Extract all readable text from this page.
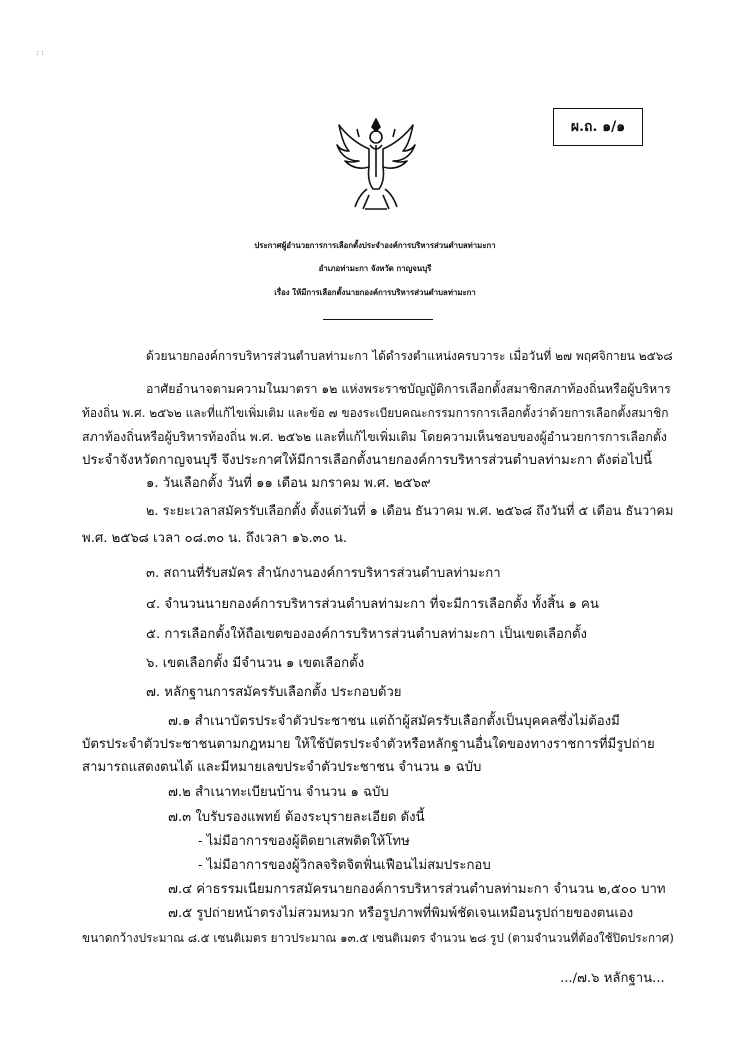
: :
ผ.ถ. ๑/๑
ประกาศผู้อำนวยการการเลือกตั้งประจำองค์การบริหารส่วนตำบลท่ามะกา
อำเภอท่ามะกา จังหวัด กาญจนบุรี
เรื่อง ให้มีการเลือกตั้งนายกองค์การบริหารส่วนตำบลท่ามะกา
ด้วยนายกองค์การบริหารส่วนตำบลท่ามะกา ได้ดำรงตำแหน่งครบวาระ เมื่อวันที่ ๒๗ พฤศจิกายน ๒๕๖๘
อาศัยอำนาจตามความในมาตรา ๑๒ แห่งพระราชบัญญัติการเลือกตั้งสมาชิกสภาท้องถิ่นหรือผู้บริหาร
ท้องถิ่น พ.ศ. ๒๕๖๒ และที่แก้ไขเพิ่มเติม และข้อ ๗ ของระเบียบคณะกรรมการการเลือกตั้งว่าด้วยการเลือกตั้งสมาชิก
สภาท้องถิ่นหรือผู้บริหารท้องถิ่น พ.ศ. ๒๕๖๒ และที่แก้ไขเพิ่มเติม โดยความเห็นชอบของผู้อำนวยการการเลือกตั้ง
ประจำจังหวัดกาญจนบุรี จึงประกาศให้มีการเลือกตั้งนายกองค์การบริหารส่วนตำบลท่ามะกา ดังต่อไปนี้
๑. วันเลือกตั้ง วันที่ ๑๑ เดือน มกราคม พ.ศ. ๒๕๖๙
๒. ระยะเวลาสมัครรับเลือกตั้ง ตั้งแต่วันที่ ๑ เดือน ธันวาคม พ.ศ. ๒๕๖๘ ถึงวันที่ ๕ เดือน ธันวาคม
พ.ศ. ๒๕๖๘ เวลา ๐๘.๓๐ น. ถึงเวลา ๑๖.๓๐ น.
๓. สถานที่รับสมัคร สำนักงานองค์การบริหารส่วนตำบลท่ามะกา
๔. จำนวนนายกองค์การบริหารส่วนตำบลท่ามะกา ที่จะมีการเลือกตั้ง ทั้งสิ้น ๑ คน
๕. การเลือกตั้งให้ถือเขตขององค์การบริหารส่วนตำบลท่ามะกา เป็นเขตเลือกตั้ง
๖. เขตเลือกตั้ง มีจำนวน ๑ เขตเลือกตั้ง
๗. หลักฐานการสมัครรับเลือกตั้ง ประกอบด้วย
๗.๑ สำเนาบัตรประจำตัวประชาชน แต่ถ้าผู้สมัครรับเลือกตั้งเป็นบุคคลซึ่งไม่ต้องมี
บัตรประจำตัวประชาชนตามกฎหมาย ให้ใช้บัตรประจำตัวหรือหลักฐานอื่นใดของทางราชการที่มีรูปถ่าย
สามารถแสดงตนได้ และมีหมายเลขประจำตัวประชาชน จำนวน ๑ ฉบับ
๗.๒ สำเนาทะเบียนบ้าน จำนวน ๑ ฉบับ
๗.๓ ใบรับรองแพทย์ ต้องระบุรายละเอียด ดังนี้
- ไม่มีอาการของผู้ติดยาเสพติดให้โทษ
- ไม่มีอาการของผู้วิกลจริตจิตฟั่นเฟือนไม่สมประกอบ
๗.๔ ค่าธรรมเนียมการสมัครนายกองค์การบริหารส่วนตำบลท่ามะกา จำนวน ๒,๕๐๐ บาท
๗.๕ รูปถ่ายหน้าตรงไม่สวมหมวก หรือรูปภาพที่พิมพ์ชัดเจนเหมือนรูปถ่ายของตนเอง
ขนาดกว้างประมาณ ๘.๕ เซนติเมตร ยาวประมาณ ๑๓.๕ เซนติเมตร จำนวน ๒๘ รูป (ตามจำนวนที่ต้องใช้ปิดประกาศ)
.../๗.๖ หลักฐาน...
